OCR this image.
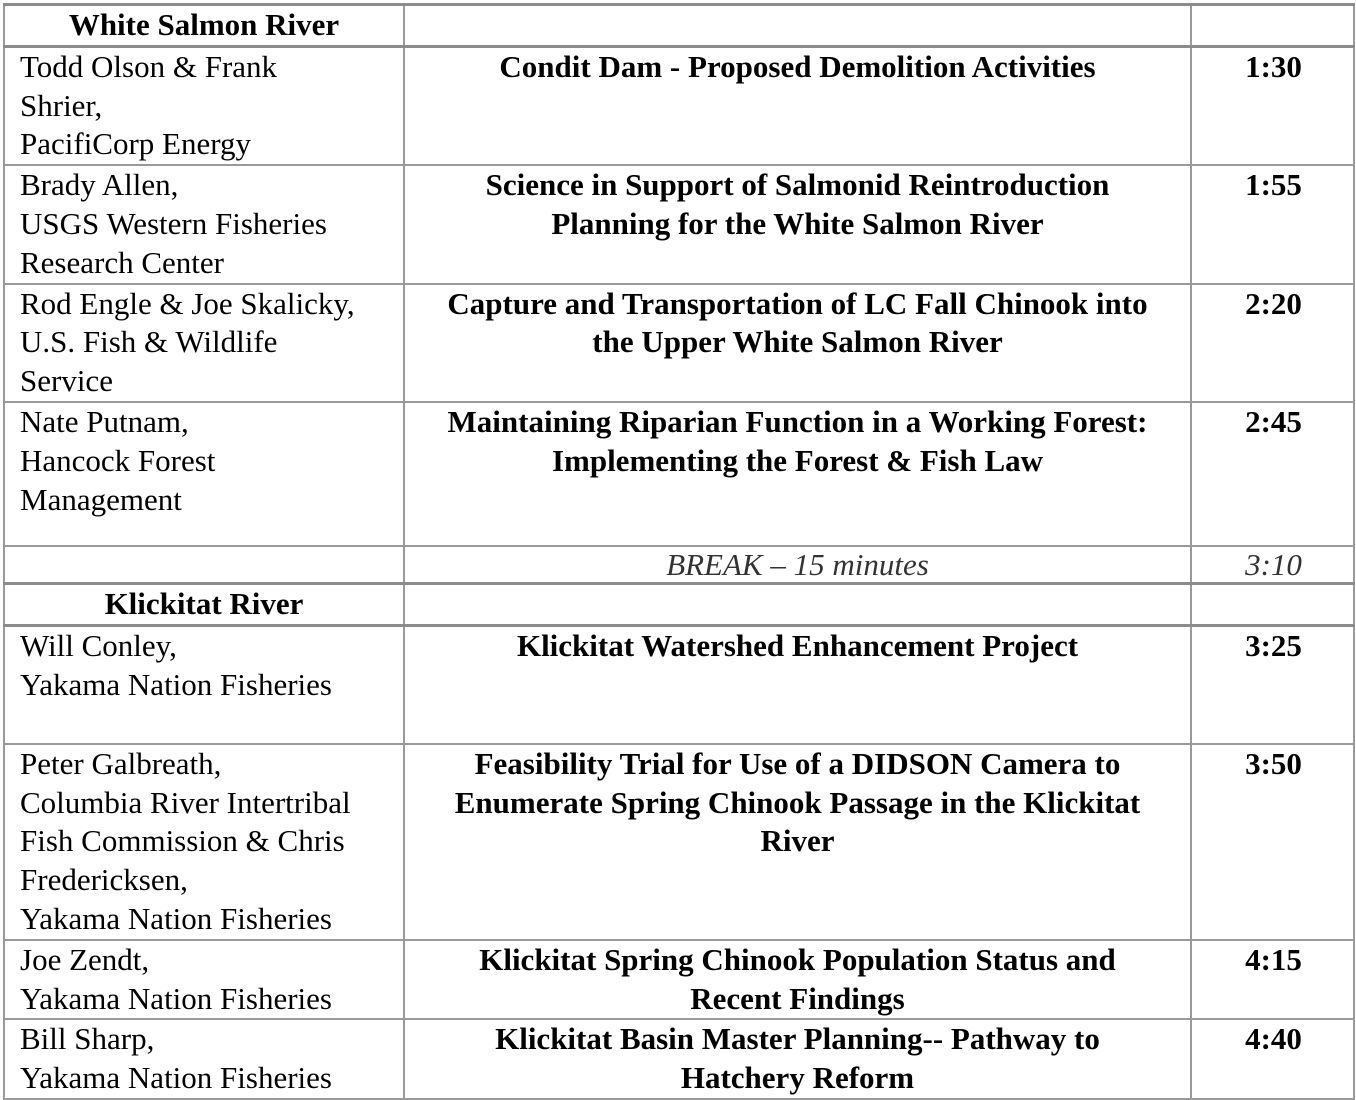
White Salmon River		

Todd Olson & Frank
Shrier,
PacifiCorp Energy	Condit Dam - Proposed Demolition Activities	1:30

Brady Allen,
USGS Western Fisheries
Research Center	Science in Support of Salmonid Reintroduction
Planning for the White Salmon River	1:55

Rod Engle & Joe Skalicky,
U.S. Fish & Wildlife
Service	Capture and Transportation of LC Fall Chinook into
the Upper White Salmon River	2:20

Nate Putnam,
Hancock Forest
Management	Maintaining Riparian Function in a Working Forest:
Implementing the Forest & Fish Law	2:45
	BREAK – 15 minutes	3:10
Klickitat River		

Will Conley,
Yakama Nation Fisheries	Klickitat Watershed Enhancement Project	3:25

Peter Galbreath,
Columbia River Intertribal
Fish Commission & Chris
Fredericksen,
Yakama Nation Fisheries	Feasibility Trial for Use of a DIDSON Camera to
Enumerate Spring Chinook Passage in the Klickitat
River	3:50

Joe Zendt,
Yakama Nation Fisheries	Klickitat Spring Chinook Population Status and
Recent Findings	4:15

Bill Sharp,
Yakama Nation Fisheries	Klickitat Basin Master Planning-- Pathway to
Hatchery Reform	4:40
